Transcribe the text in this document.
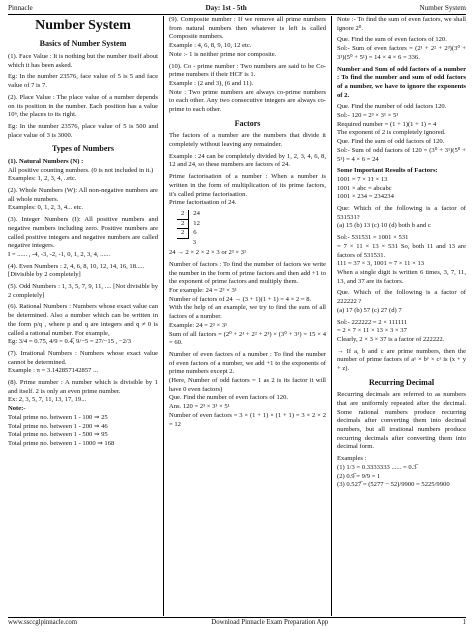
Pinnacle	Day: 1st - 5th	Number System
Number System
Basics of Number System

(1). Face Value : It is nothing but the number itself about which it has been asked.

Eg: In the number 23576, face value of 5 is 5 and face value of 7 is 7.

(2). Place Value : The place value of a number depends on its position in the number. Each position has a value 10ⁿ, the places to its right.

Eg: In the number 23576, place value of 5 is 500 and place value of 3 is 3000.

Types of Numbers

(1). Natural Numbers (N) :

All positive counting numbers. (0 is not included in it.)

Examples: 1, 2, 3, 4, ..etc.

(2). Whole Numbers (W): All non-negative numbers are all whole numbers.

Examples: 0, 1, 2, 3, 4... etc.

(3). Integer Numbers (I): All positive numbers and negative numbers including zero. Positive numbers are called positive integers and negative numbers are called negative integers.

I = ...... , -4, -3, -2, -1, 0, 1, 2, 3, 4, ......

(4). Even Numbers : 2, 4, 6, 8, 10, 12, 14, 16, 18.....

[Divisible by 2 completely]

(5). Odd Numbers : 1, 3, 5, 7, 9, 11, .... [Not divisible by 2 completely]

(6). Rational Numbers : Numbers whose exact value can be determined. Also a number which can be written in the form p/q , where p and q are integers and q ≠ 0 is called a rational number. For example,

Eg: 3/4 = 0.75, 4/9 = 0.4̅, 9/−5 = 27/−15 , −2/3

(7). Irrational Numbers : Numbers whose exact value cannot be determined.

Example : π = 3.142857142857 ...

(8). Prime number : A number which is divisible by 1 and itself. 2 is only an even prime number.

Ex: 2, 3, 5, 7, 11, 13, 17, 19...

Note:-

Total prime no. between 1 - 100 ⇒ 25

Total prime no. between 1 - 200 ⇒ 46

Total prime no. between 1 - 500 ⇒ 95

Total prime no. between 1 - 1000 ⇒ 168

(9). Composite number : If we remove all prime numbers from natural numbers then whatever is left is called Composite numbers.

Example : 4, 6, 8, 9, 10, 12 etc.

Note :- 1 is neither prime nor composite.

(10). Co - prime number : Two numbers are said to be Co-prime numbers if their HCF is 1.

Example : (2 and 3), (6 and 11).

Note : Two prime numbers are always co-prime numbers to each other. Any two consecutive integers are always co-prime to each other.

Factors

The factors of a number are the numbers that divide it completely without leaving any remainder.

Example : 24 can be completely divided by 1, 2, 3, 4, 6, 8, 12 and 24, so these numbers are factors of 24.

Prime factorisation of a number : When a number is written in the form of multiplication of its prime factors, it's called prime factorisation.

Prime factorisation of 24.

2	24
2	12
2	6
	3

24 → 2 × 2 × 2 × 3 or 2³ × 3¹

Number of factors : To find the number of factors we write the number in the form of prime factors and then add +1 to the exponent of prime factors and multiply them.

For example: 24 = 2³ × 3¹

Number of factors of 24 → (3 + 1)(1 + 1) = 4 × 2 = 8.

With the help of an example, we try to find the sum of all factors of a number.

Example: 24 = 2³ × 3¹

Sum of all factors = (2⁰ + 2¹ + 2² + 2³) × (3⁰ + 3¹) = 15 × 4 = 60.

Number of even factors of a number : To find the number of even factors of a number, we add +1 to the exponents of prime numbers except 2.

(Here, Number of odd factors = 1 as 2 is its factor it will have 0 even factors)

Que. Find the number of even factors of 120.

Ans. 120 = 2³ × 3¹ × 5¹

Number of even factors = 3 × (1 + 1) × (1 + 1) = 3 × 2 × 2 = 12

Note :- To find the sum of even factors, we shall ignore 2⁰.

Que. Find the sum of even factors of 120.

Sol:- Sum of even factors = (2¹ + 2² + 2³)(3⁰ + 3¹)(5⁰ + 5¹) = 14 × 4 × 6 = 336.

Number and Sum of odd factors of a number : To find the number and sum of odd factors of a number, we have to ignore the exponents of 2.

Que. Find the number of odd factors 120.

Sol:- 120 = 2³ × 3¹ × 5¹

Required number = (1 + 1)(1 + 1) = 4

The exponent of 2 is completely ignored.

Que. Find the sum of odd factors of 120.

Sol:- Sum of odd factors of 120 = (3⁰ + 3¹)(5⁰ + 5¹) = 4 × 6 = 24

Some Important Results of Factors:

1001 = 7 × 11 × 13

1001 × abc = abcabc

1001 × 234 = 234234

Que: Which of the following is a factor of 531531?

(a) 15 (b) 13 (c) 10 (d) both b and c

Sol:- 531531 = 1001 × 531

= 7 × 11 × 13 × 531 So, both 11 and 13 are factors of 531531.

111 = 37 × 3, 1001 = 7 × 11 × 13

When a single digit is written 6 times, 3, 7, 11, 13, and 37 are its factors.

Que. Which of the following is a factor of 222222 ?

(a) 17 (b) 57 (c) 27 (d) 7

Sol:- 222222 = 2 × 111111

= 2 × 7 × 11 × 13 × 3 × 37

Clearly, 2 × 3 × 37 is a factor of 222222.

→ If a, b and c are prime numbers, then the number of prime factors of aˣ × bʸ × cᶻ is (x + y + z).

Recurring Decimal

Recurring decimals are referred to as numbers that are uniformly repeated after the decimal. Some rational numbers produce recurring decimals after converting them into decimal numbers, but all irrational numbers produce recurring decimals after converting them into decimal form.

Examples :

(1) 1/3 = 0.3333333 ...... = 0.3̅

(2) 0.9̅ = 9/9 = 1

(3) 0.527̅ = (5277 − 52)/9900 = 5225/9900

www.ssccglpinnacle.com	Download Pinnacle Exam Preparation App	1
